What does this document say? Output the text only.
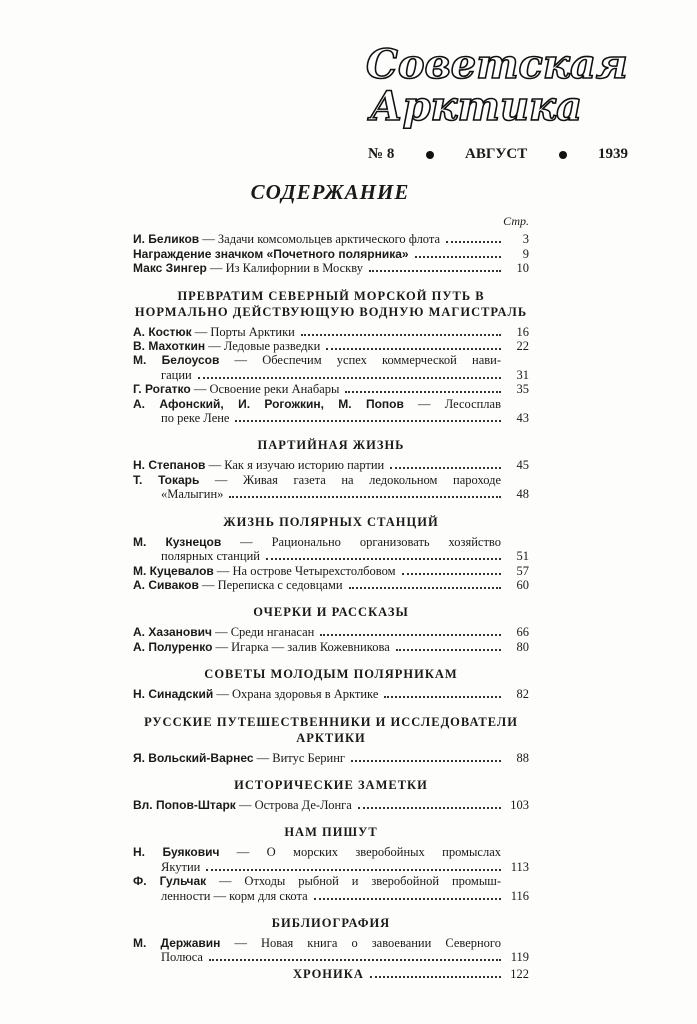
Советская
Арктика
№ 8	АВГУСТ	1939
СОДЕРЖАНИЕ
Стр.
И. Беликов — Задачи комсомольцев арктического флота	3
Награждение значком «Почетного полярника»	9
Макс Зингер — Из Калифорнии в Москву	10
ПРЕВРАТИМ СЕВЕРНЫЙ МОРСКОЙ ПУТЬ В НОРМАЛЬНО ДЕЙСТВУЮЩУЮ ВОДНУЮ МАГИСТРАЛЬ
А. Костюк — Порты Арктики	16
В. Махоткин — Ледовые разведки	22
М. Белоусов — Обеспечим успех коммерческой нави-
гации	31
Г. Рогатко — Освоение реки Анабары	35
А. Афонский, И. Рогожкин, М. Попов — Лесосплав
по реке Лене	43
ПАРТИЙНАЯ ЖИЗНЬ
Н. Степанов — Как я изучаю историю партии	45
Т. Токарь — Живая газета на ледокольном пароходе
«Малыгин»	48
ЖИЗНЬ ПОЛЯРНЫХ СТАНЦИЙ
М. Кузнецов — Рационально организовать хозяйство
полярных станций	51
М. Куцевалов — На острове Четырехстолбовом	57
А. Сиваков — Переписка с седовцами	60
ОЧЕРКИ И РАССКАЗЫ
А. Хазанович — Среди нганасан	66
А. Полуренко — Игарка — залив Кожевникова	80
СОВЕТЫ МОЛОДЫМ ПОЛЯРНИКАМ
Н. Синадский — Охрана здоровья в Арктике	82
РУССКИЕ ПУТЕШЕСТВЕННИКИ И ИССЛЕДОВАТЕЛИ АРКТИКИ
Я. Вольский-Варнес — Витус Беринг	88
ИСТОРИЧЕСКИЕ ЗАМЕТКИ
Вл. Попов-Штарк — Острова Де-Лонга	103
НАМ ПИШУТ
Н. Буякович — О морских зверобойных промыслах
Якутии	113
Ф. Гульчак — Отходы рыбной и зверобойной промыш-
ленности — корм для скота	116
БИБЛИОГРАФИЯ
М. Державин — Новая книга о завоевании Северного
Полюса	119
ХРОНИКА	122
